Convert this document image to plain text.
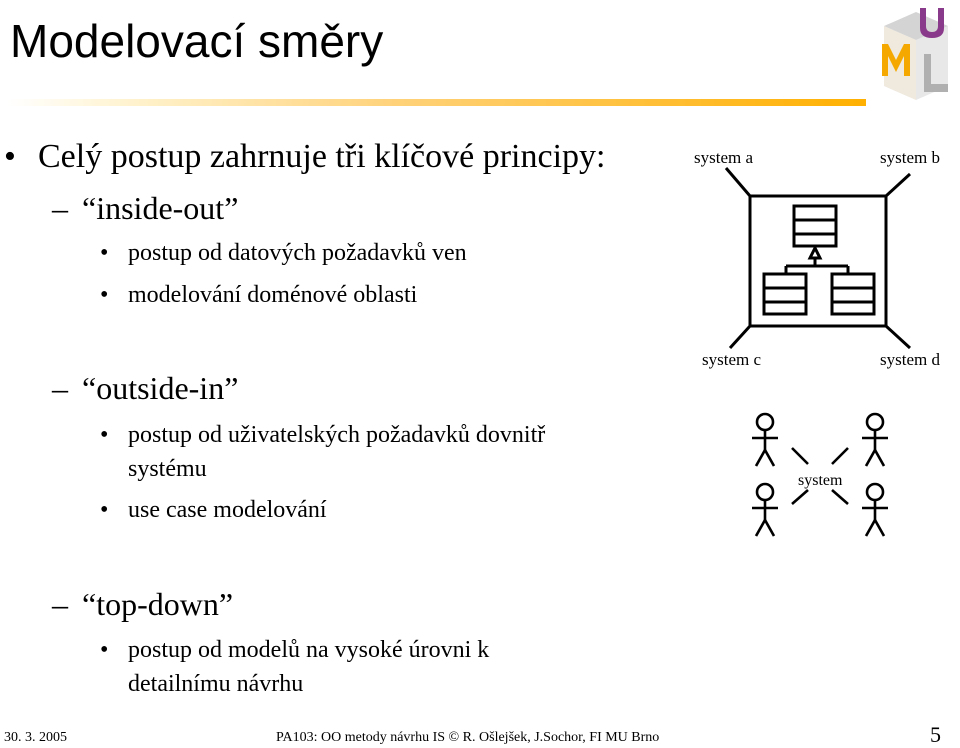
Modelovací směry
• Celý postup zahrnuje tři klíčové principy:
– “inside-out”
• postup od datových požadavků ven
• modelování doménové oblasti
– “outside-in”
• postup od uživatelských požadavků dovnitř
systému
• use case modelování
– “top-down”
• postup od modelů na vysoké úrovni k
detailnímu návrhu
system a	system b
system c	system d
system
30. 3. 2005	PA103: OO metody návrhu IS © R. Ošlejšek, J.Sochor, FI MU Brno	5
